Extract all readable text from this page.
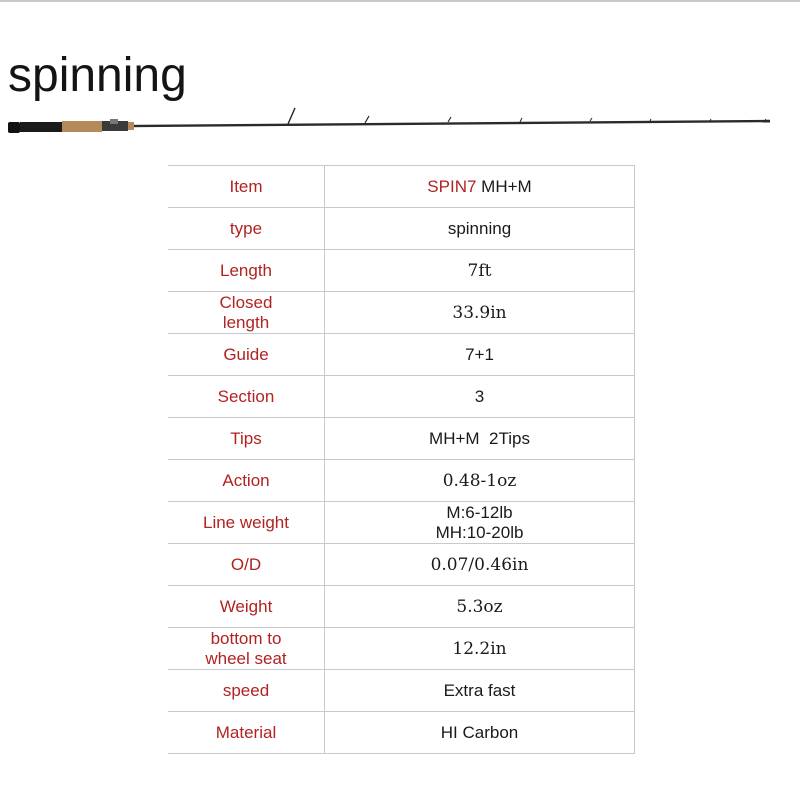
spinning
Item	SPIN7 MH+M
type	spinning
Length	7ft

Closed
length	33.9in
Guide	7+1
Section	3
Tips	MH+M  2Tips
Action	0.48-1oz
Line weight	M:6-12lb
MH:10-20lb

O/D	0.07/0.46in
Weight	5.3oz

bottom to
wheel seat	12.2in
speed	Extra fast
Material	HI Carbon
